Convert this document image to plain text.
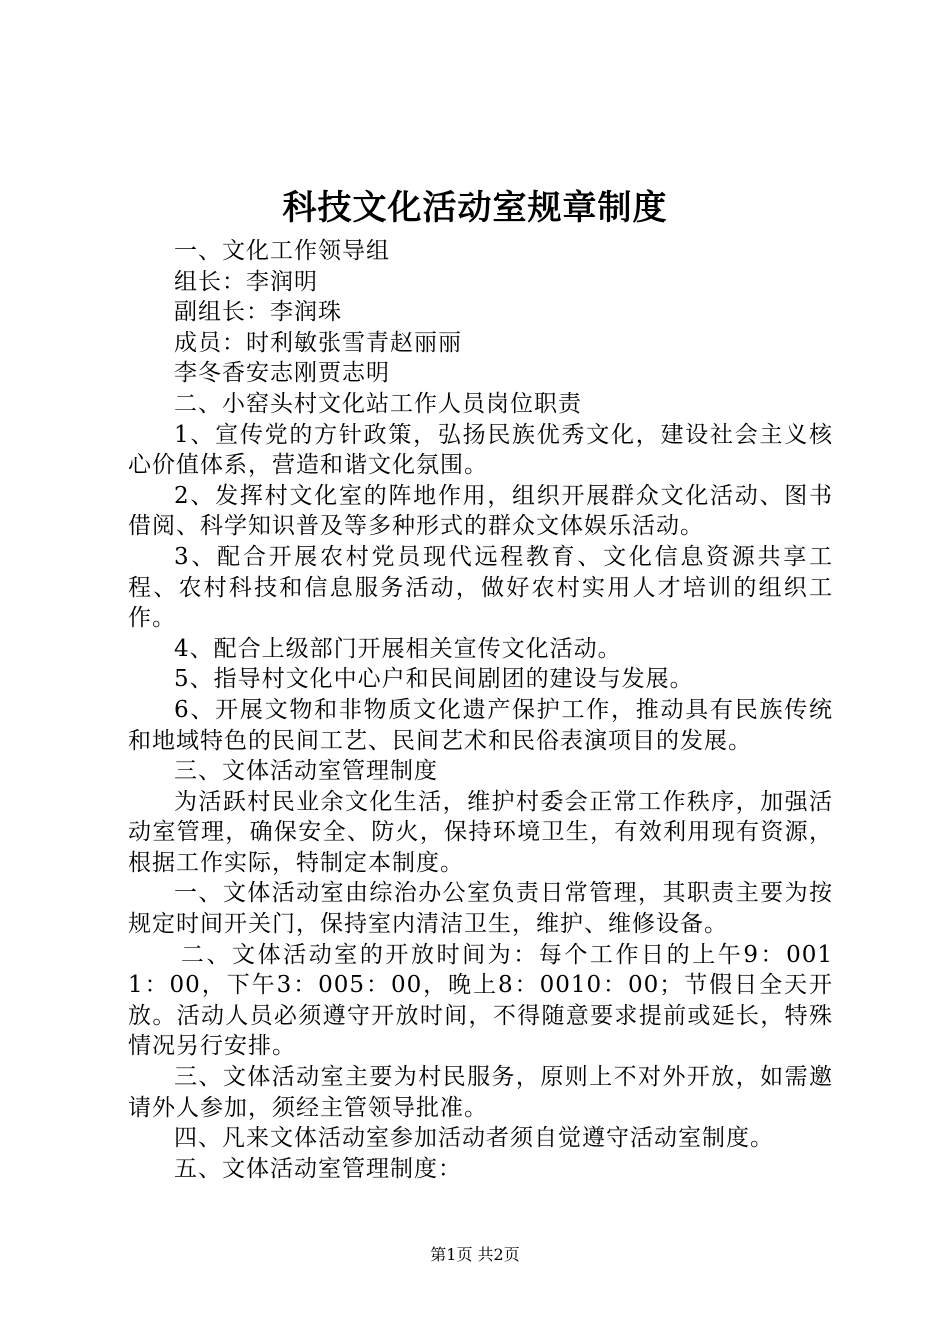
科技文化活动室规章制度

一、文化工作领导组

组长：李润明

副组长：李润珠

成员：时利敏张雪青赵丽丽

李冬香安志刚贾志明

二、小窑头村文化站工作人员岗位职责

1、宣传党的方针政策，弘扬民族优秀文化，建设社会主义核心价值体系，营造和谐文化氛围。

2、发挥村文化室的阵地作用，组织开展群众文化活动、图书借阅、科学知识普及等多种形式的群众文体娱乐活动。

3、配合开展农村党员现代远程教育、文化信息资源共享工程、农村科技和信息服务活动，做好农村实用人才培训的组织工作。

4、配合上级部门开展相关宣传文化活动。

5、指导村文化中心户和民间剧团的建设与发展。

6、开展文物和非物质文化遗产保护工作，推动具有民族传统和地域特色的民间工艺、民间艺术和民俗表演项目的发展。

三、文体活动室管理制度

为活跃村民业余文化生活，维护村委会正常工作秩序，加强活动室管理，确保安全、防火，保持环境卫生，有效利用现有资源，根据工作实际，特制定本制度。

一、文体活动室由综治办公室负责日常管理，其职责主要为按规定时间开关门，保持室内清洁卫生，维护、维修设备。

二、文体活动室的开放时间为：每个工作日的上午9：0011：00，下午3：005：00，晚上8：0010：00；节假日全天开放。活动人员必须遵守开放时间，不得随意要求提前或延长，特殊情况另行安排。

三、文体活动室主要为村民服务，原则上不对外开放，如需邀请外人参加，须经主管领导批准。

四、凡来文体活动室参加活动者须自觉遵守活动室制度。

五、文体活动室管理制度：

第1页 共2页
